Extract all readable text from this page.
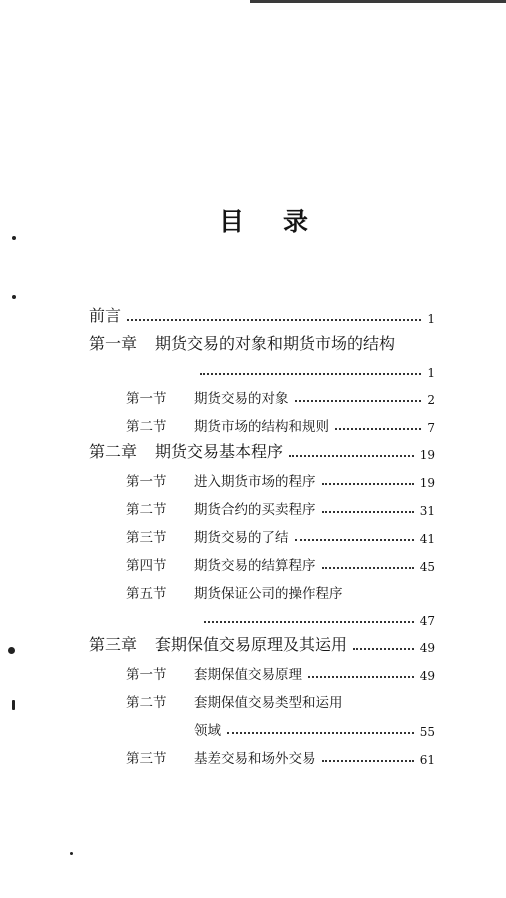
目 录
前言	1
第一章	期货交易的对象和期货市场的结构
1
第一节	期货交易的对象	2
第二节	期货市场的结构和规则	7
第二章	期货交易基本程序	19
第一节	进入期货市场的程序	19
第二节	期货合约的买卖程序	31
第三节	期货交易的了结	41
第四节	期货交易的结算程序	45
第五节	期货保证公司的操作程序
47
第三章	套期保值交易原理及其运用	49
第一节	套期保值交易原理	49
第二节	套期保值交易类型和运用
领域	55
第三节	基差交易和场外交易	61
